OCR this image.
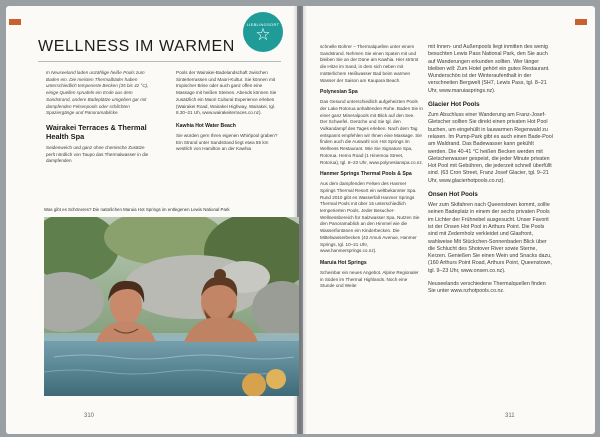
LIEBLINGSORT
☆
WELLNESS IM WARMEN
In Neuseeland laden unzählige heiße Pools zum Baden ein. Die meisten Thermalbäder haben unterschiedlich temperierte Becken (35 bis 42 °C), einige Quellen sprudeln ein Ende aus dem Sandstrand, andere Badeplätze umgeben gar mit dampfenden Felsenpools oder schlichten Spaziergänge und Panoramablicke.
Wairakei Terraces & Thermal Health Spa
Seidenweich und ganz ohne chemische Zusätze perlt nördlich von Taupo das Thermalwasser in die dampfenden
Pools der Wairakei-Badelandschaft zwischen Sinterterrassen und Maori-Kultur. Sie können mit tropischer Brise oder auch ganz offen eine Massage mit heißen Steinen. Abends können Sie zusätzlich ein Maori Cultural Experience erleben (Wairakei Road, Wairakei Highway, Wairakei, tgl. 8.30–21 Uh, www.wairakeiterraces.co.nz).
Kawhia Hot Water Beach
Sie würden gern Ihren eigenen Whirlpool graben? Ein Strand unter Sandstrand liegt etwa 55 km westlich von Hamilton an der Kawhia
Was gibt es Schöneres? Die natürlichen Maruia Hot Springs im entlegenen Lewis National Park
310
schnelle Bohrer – Thermalquellen unter einem Sandstrand. Nehmen Sie einen Spaten mit und bleiben Sie an der Düne am Kawhia. Hier strömt die Hitze im Sand, in dem sich neben mit mütterlichem Heißwasser Bad beim warmen Wasser der Saison am Kaupara Beach.
Polynesian Spa
Das Gesund unterschiedlich aufgeheizten Pools der Lake Rotorua anhaltenden Ruhe. Baden Sie in einer ganz Mineralpools mit Blick auf den See. Der Schwefel, Gerüche und Sie tgl. den Vulkandampf des Tages erleben. Nach dem Tag entspannt empfehlen wir Ihnen eine Massage. Sie finden auch die Auswahl von Hot Springs im Wellness Restaurant. Wie Sie Signature Spa, Rotorua. Hemo Road (1 Hinemoa Street, Rotorua), tgl. 8–23 Uhr, www.polynesianspa.co.nz.
Hanmer Springs Thermal Pools & Spa
Aus dem dampfenden Felsen des Hanmer Springs Thermal Resort ein weltbekannter Spa. Rund 2010 gibt es Wasserfall Hanmer Springs Thermal Pools mit über 15 unterschiedlich temperierten Pools. Jeder Besucher-Wellnessbereich für Salzwasser Spa. Nutzen Sie den Panoramablick an den Himmel wie die Wasserfontänen ein Kinderbecken. Die Mittelwasserbecken (42 Amuri Avenue, Hanmer Springs, tgl. 10–21 Uhr, www.hanmersprings.co.nz).
Maruia Hot Springs
Scheinbar ein neues Angebot. Alpine Regionaler in Süden im Thermal Highlands. Noch eine Stunde und Weite
mit Innen- und Außenpools liegt inmitten des wenig besuchten Lewis Pass National Park, den Sie auch auf Wanderungen erkunden sollten. Wer länger bleiben will: Zum Hotel gehört ein gutes Restaurant. Wunderschön ist der Winteraufenthalt in der verschneiten Bergwelt (SH7, Lewis Pass, tgl. 8–21 Uhr, www.maruiasprings.nz).
Glacier Hot Pools
Zum Abschluss einer Wanderung am Franz-Josef-Gletscher sollten Sie direkt einen privaten Hot Pool buchen, um eingehüllt in lauwarmen Regenwald zu relaxen. Im Pump-Park gibt es auch einen Bade-Pool am Waldrand. Das Badewasser kann gekühlt werden. Die 40-41 °C heißen Becken werden mit Gletscherwasser gespeist, die jeder Minute privaten Hot Pool mit Gebühren, die jederzeit schnell überfüllt sind. (63 Cron Street, Franz Josef Glacier, tgl. 9–21 Uhr, www.glacierhotpools.co.nz).
Onsen Hot Pools
Wer zum Skifahren nach Queenstown kommt, sollte seinen Badeplatz in einem der sechs privaten Pools im Lichter der Frühnebel ausgesucht. Unser Favorit ist der Onsen Hot Pool in Arthurs Point. Die Pools sind mit Zedernholz verkleidet und Glasfront, wahlweise Mit Stückchen-Sonnenbaden Blick über die Schlucht des Shotover River sowie Sterne, Kerzen. Genießen Sie einen Wein und Snacks dazu, (160 Arthurs Point Road, Arthurs Point, Queenstown, tgl. 9–23 Uhr, www.onsen.co.nz).
Neuseelands verschiedene Thermalquellen finden Sie unter www.nzhotpools.co.nz.
311
